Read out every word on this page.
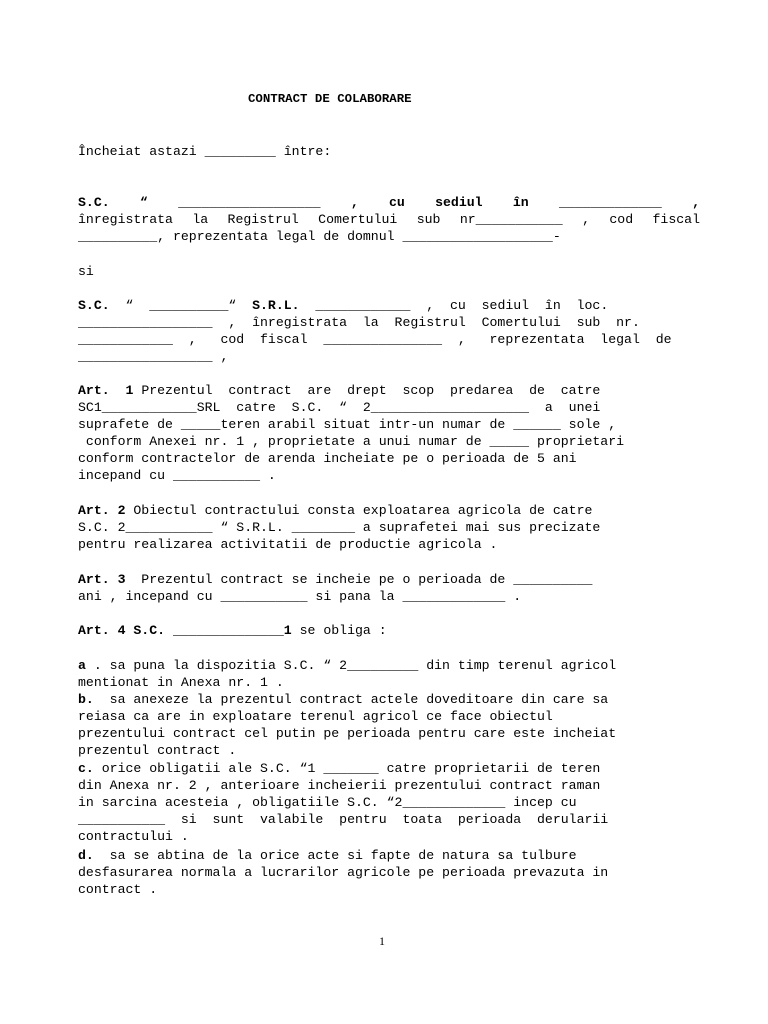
CONTRACT DE COLABORARE
Încheiat astazi _________ între:
S.C.  “  __________________  ,  cu  sediul  în  _____________  ,
înregistrata la Registrul Comertului sub nr___________ , cod fiscal
__________, reprezentata legal de domnul ___________________-
si
S.C.  “  __________“  S.R.L.  ____________  ,  cu  sediul  în  loc.
_________________  ,  înregistrata  la  Registrul  Comertului  sub  nr.
____________  ,   cod  fiscal  _______________  ,   reprezentata  legal  de
_________________ ,
Art.  1 Prezentul  contract  are  drept  scop  predarea  de  catre
SC1____________SRL  catre  S.C.  “  2____________________  a  unei
suprafete de _____teren arabil situat intr-un numar de ______ sole ,
conform Anexei nr. 1 , proprietate a unui numar de _____ proprietari
conform contractelor de arenda incheiate pe o perioada de 5 ani
incepand cu ___________ .
Art. 2 Obiectul contractului consta exploatarea agricola de catre
S.C. 2___________ “ S.R.L. ________ a suprafetei mai sus precizate
pentru realizarea activitatii de productie agricola .
Art. 3  Prezentul contract se incheie pe o perioada de __________
ani , incepand cu ___________ si pana la _____________ .
Art. 4 S.C. ______________1 se obliga :
a . sa puna la dispozitia S.C. “ 2_________ din timp terenul agricol
mentionat in Anexa nr. 1 .
b.  sa anexeze la prezentul contract actele doveditoare din care sa
reiasa ca are in exploatare terenul agricol ce face obiectul
prezentului contract cel putin pe perioada pentru care este incheiat
prezentul contract .
c. orice obligatii ale S.C. “1 _______ catre proprietarii de teren
din Anexa nr. 2 , anterioare incheierii prezentului contract raman
in sarcina acesteia , obligatiile S.C. “2_____________ incep cu
___________  si  sunt  valabile  pentru  toata  perioada  derularii
contractului .
d.  sa se abtina de la orice acte si fapte de natura sa tulbure
desfasurarea normala a lucrarilor agricole pe perioada prevazuta in
contract .
1
